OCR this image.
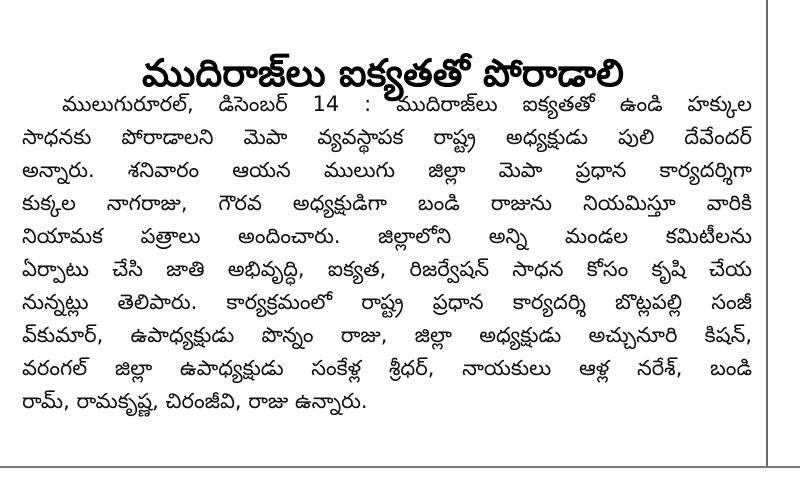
ముదిరాజ్‌లు ఐక్యతతో పోరాడాలి
ములుగురూరల్, డిసెంబర్ 14 : ముదిరాజ్‌లు ఐక్యతతో ఉండి హక్కుల
సాధనకు పోరాడాలని మెపా వ్యవస్థాపక రాష్ట్ర అధ్యక్షుడు పులి దేవేందర్
అన్నారు. శనివారం ఆయన ములుగు జిల్లా మెపా ప్రధాన కార్యదర్శిగా
కుక్కల నాగరాజు, గౌరవ అధ్యక్షుడిగా బండి రాజును నియమిస్తూ వారికి
నియామక పత్రాలు అందించారు. జిల్లాలోని అన్ని మండల కమిటీలను
ఏర్పాటు చేసి జాతి అభివృద్ధి, ఐక్యత, రిజర్వేషన్ సాధన కోసం కృషి చేయ
నున్నట్లు తెలిపారు. కార్యక్రమంలో రాష్ట్ర ప్రధాన కార్యదర్శి బొట్లపల్లి సంజీ
వ్‌కుమార్, ఉపాధ్యక్షుడు పొన్నం రాజు, జిల్లా అధ్యక్షుడు అచ్చునూరి కిషన్,
వరంగల్ జిల్లా ఉపాధ్యక్షుడు సంకేళ్ల శ్రీధర్, నాయకులు ఆళ్ల నరేశ్, బండి
రామ్, రామకృష్ణ, చిరంజీవి, రాజు ఉన్నారు.
